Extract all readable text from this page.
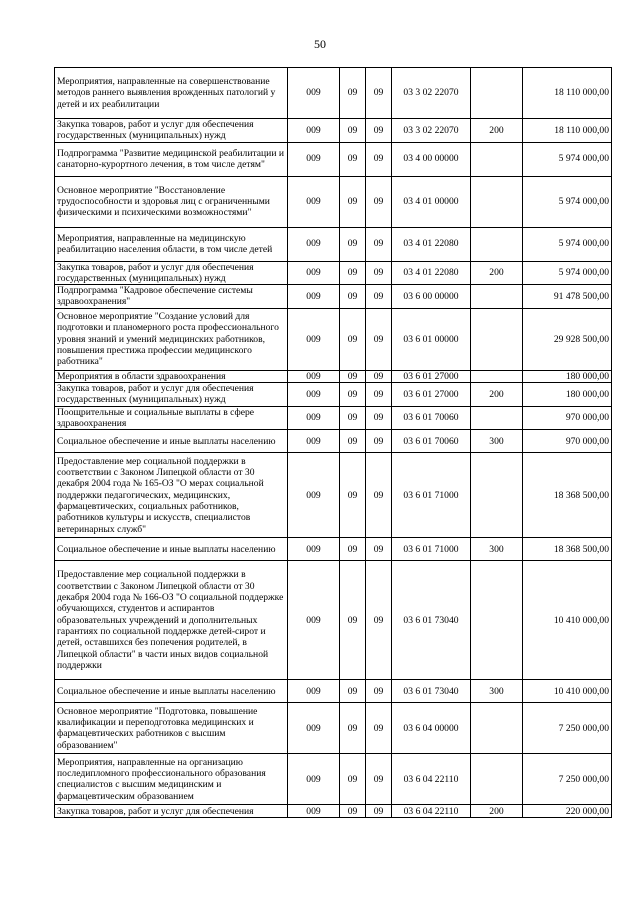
50
Мероприятия, направленные на совершенствование методов раннего выявления врожденных патологий у детей и их реабилитации	009	09	09	03 3 02 22070		18 110 000,00
Закупка товаров, работ и услуг для обеспечения государственных (муниципальных) нужд	009	09	09	03 3 02 22070	200	18 110 000,00
Подпрограмма "Развитие медицинской реабилитации и санаторно-курортного лечения, в том числе детям"	009	09	09	03 4 00 00000		5 974 000,00
Основное мероприятие "Восстановление трудоспособности и здоровья лиц с ограниченными физическими и психическими возможностями"	009	09	09	03 4 01 00000		5 974 000,00
Мероприятия, направленные на медицинскую реабилитацию населения области, в том числе детей	009	09	09	03 4 01 22080		5 974 000,00
Закупка товаров, работ и услуг для обеспечения государственных (муниципальных) нужд	009	09	09	03 4 01 22080	200	5 974 000,00
Подпрограмма "Кадровое обеспечение системы здравоохранения"	009	09	09	03 6 00 00000		91 478 500,00
Основное мероприятие "Создание условий для подготовки и планомерного роста профессионального уровня знаний и умений медицинских работников, повышения престижа профессии медицинского работника"	009	09	09	03 6 01 00000		29 928 500,00
Мероприятия в области здравоохранения	009	09	09	03 6 01 27000		180 000,00
Закупка товаров, работ и услуг для обеспечения государственных (муниципальных) нужд	009	09	09	03 6 01 27000	200	180 000,00
Поощрительные и социальные выплаты в сфере здравоохранения	009	09	09	03 6 01 70060		970 000,00
Социальное обеспечение и иные выплаты населению	009	09	09	03 6 01 70060	300	970 000,00
Предоставление мер социальной поддержки в соответствии с Законом Липецкой области от 30 декабря 2004 года № 165-ОЗ "О мерах социальной поддержки педагогических, медицинских, фармацевтических, социальных работников, работников культуры и искусств, специалистов ветеринарных служб"	009	09	09	03 6 01 71000		18 368 500,00
Социальное обеспечение и иные выплаты населению	009	09	09	03 6 01 71000	300	18 368 500,00
Предоставление мер социальной поддержки в соответствии с Законом Липецкой области от 30 декабря 2004 года № 166-ОЗ "О социальной поддержке обучающихся, студентов и аспирантов образовательных учреждений и дополнительных гарантиях по социальной поддержке детей-сирот и детей, оставшихся без попечения родителей, в Липецкой области" в части иных видов социальной поддержки	009	09	09	03 6 01 73040		10 410 000,00
Социальное обеспечение и иные выплаты населению	009	09	09	03 6 01 73040	300	10 410 000,00
Основное мероприятие "Подготовка, повышение квалификации и переподготовка медицинских и фармацевтических работников с высшим образованием"	009	09	09	03 6 04 00000		7 250 000,00
Мероприятия, направленные на организацию последипломного профессионального образования специалистов с высшим медицинским и фармацевтическим образованием	009	09	09	03 6 04 22110		7 250 000,00
Закупка товаров, работ и услуг для обеспечения	009	09	09	03 6 04 22110	200	220 000,00
